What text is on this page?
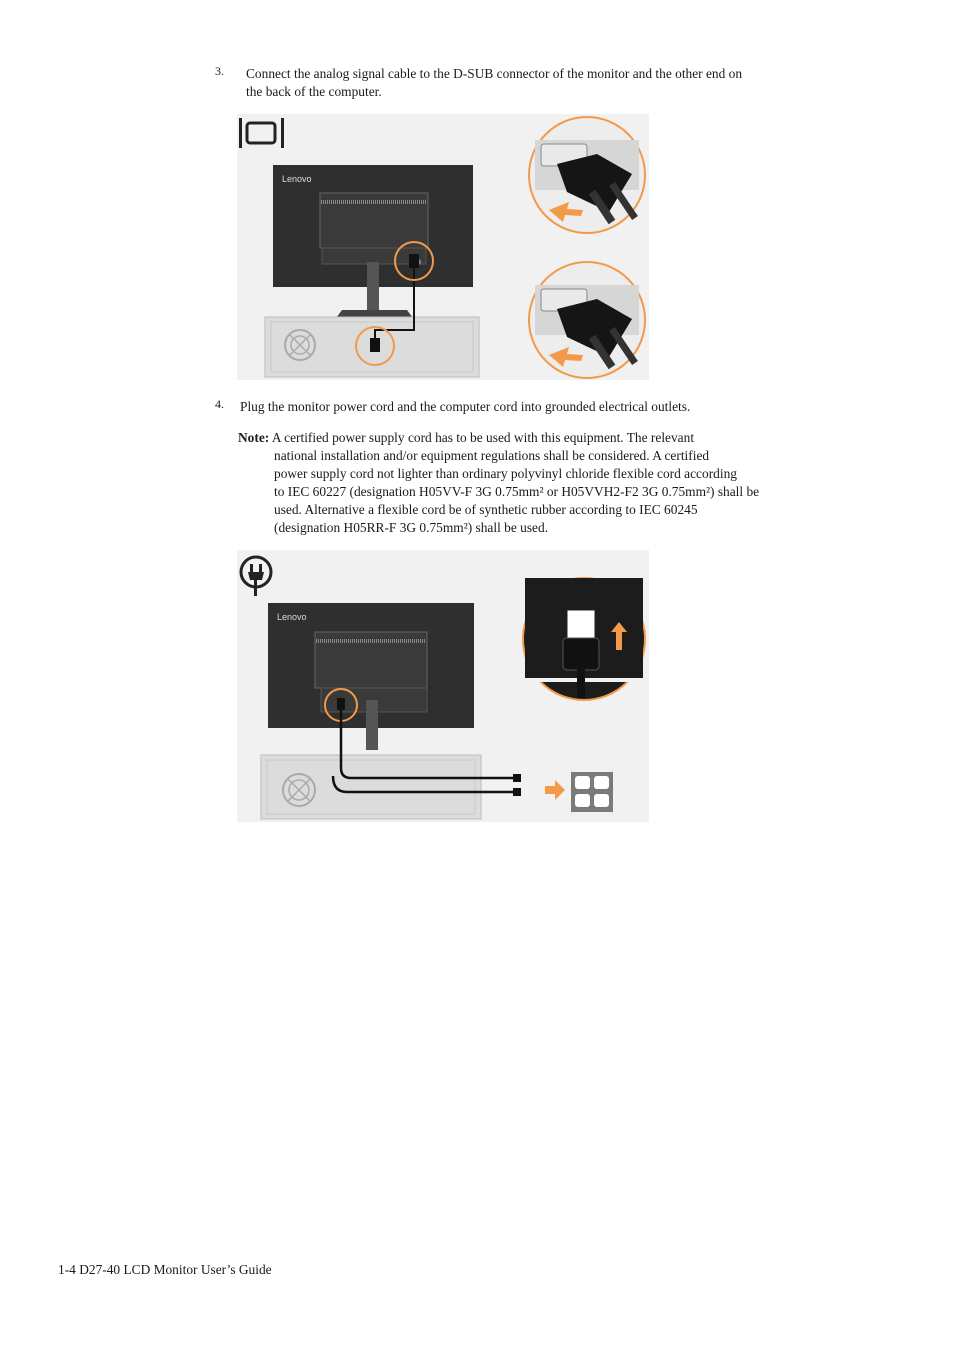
3. Connect the analog signal cable to the D-SUB connector of the monitor and the other end on
the back of the computer.
Lenovo
4. Plug the monitor power cord and the computer cord into grounded electrical outlets.
Note: A certified power supply cord has to be used with this equipment. The relevant
national installation and/or equipment regulations shall be considered. A certified
power supply cord not lighter than ordinary polyvinyl chloride flexible cord according
to IEC 60227 (designation H05VV-F 3G 0.75mm² or H05VVH2-F2 3G 0.75mm²) shall be
used. Alternative a flexible cord be of synthetic rubber according to IEC 60245
(designation H05RR-F 3G 0.75mm²) shall be used.
Lenovo
1-4 D27-40 LCD Monitor User’s Guide
